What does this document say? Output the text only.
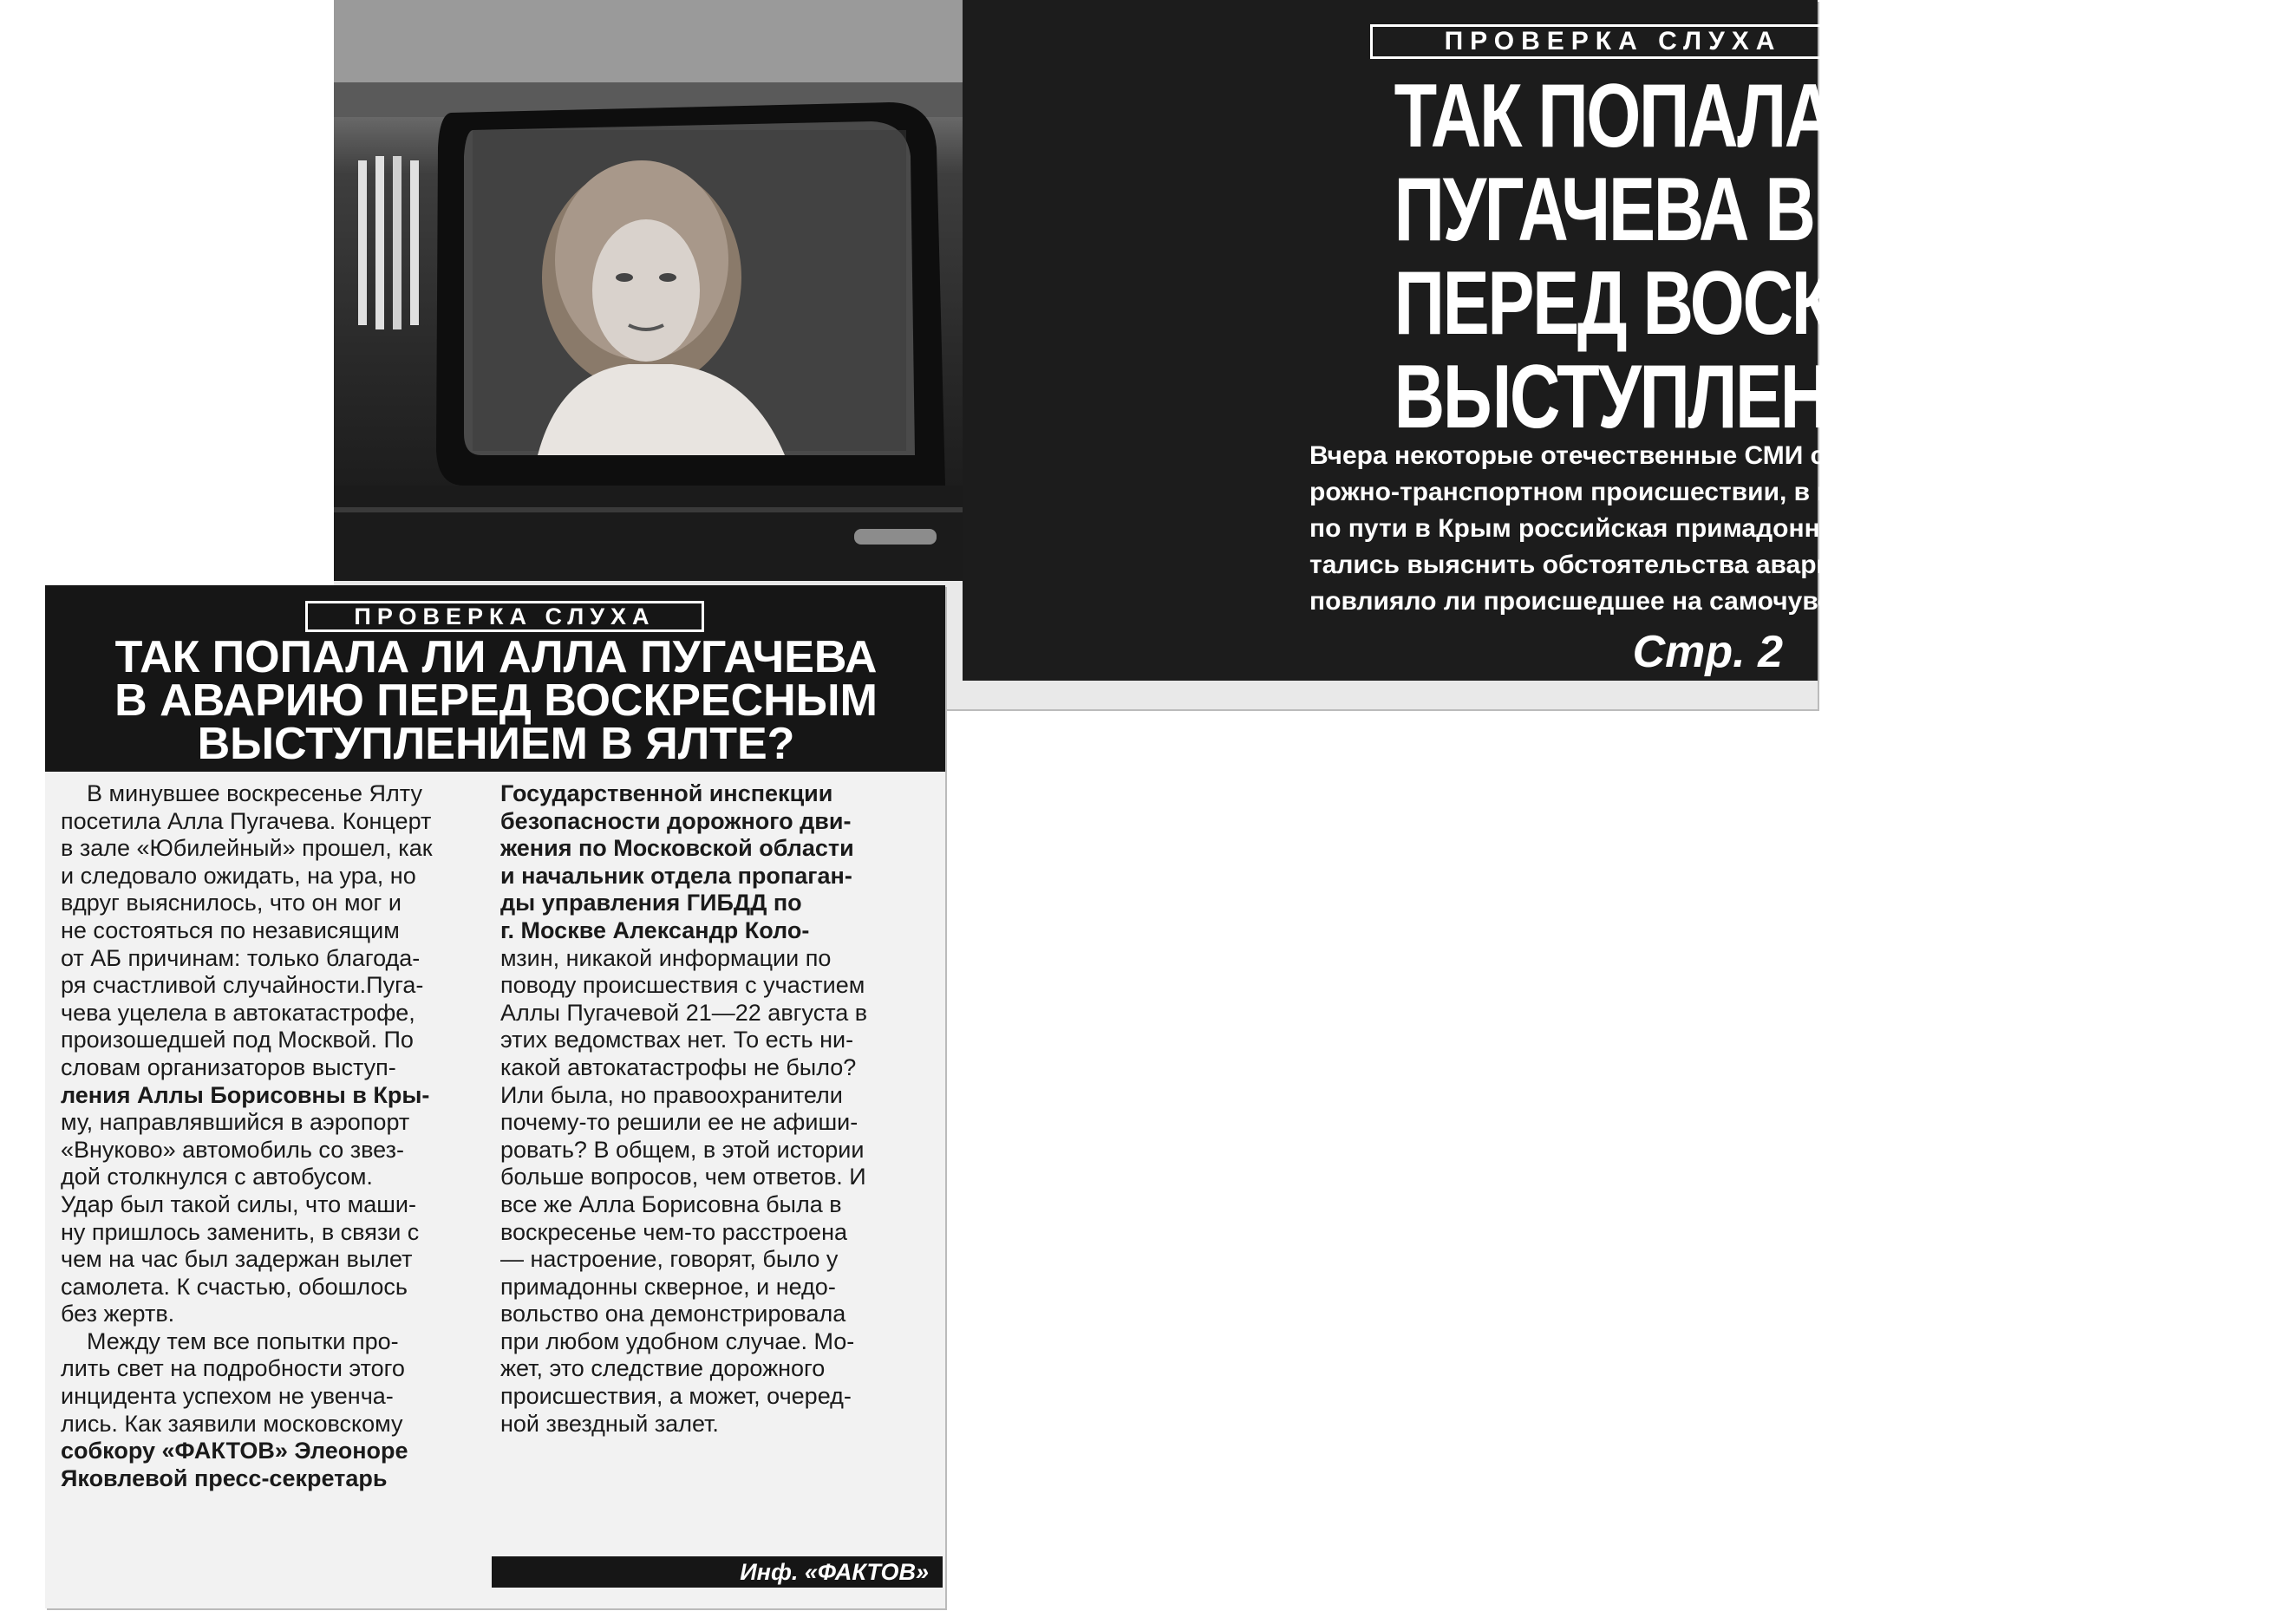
ПРОВЕРКА СЛУХА
ТАК ПОПАЛА ЛИ АЛЛА
ПУГАЧЕВА В АВАРИЮ
ПЕРЕД ВОСКРЕСНЫМ
ВЫСТУПЛЕНИЕМ В ЯЛТЕ?
Вчера некоторые отечественные СМИ сообщили о до-
рожно-транспортном происшествии, в которое угодила
по пути в Крым российская примадонна. «ФАКТЫ» попы-
тались выяснить обстоятельства аварии, а главное — не
повлияло ли происшедшее на самочувствие певицы.
Стр. 2
ПРОВЕРКА СЛУХА
ТАК ПОПАЛА ЛИ АЛЛА ПУГАЧЕВА
В АВАРИЮ ПЕРЕД ВОСКРЕСНЫМ
ВЫСТУПЛЕНИЕМ В ЯЛТЕ?
В минувшее воскресенье Ялту
посетила Алла Пугачева. Концерт
в зале «Юбилейный» прошел, как
и следовало ожидать, на ура, но
вдруг выяснилось, что он мог и
не состояться по независящим
от АБ причинам: только благода-
ря счастливой случайности.Пуга-
чева уцелела в автокатастрофе,
произошедшей под Москвой. По
словам организаторов выступ-
ления Аллы Борисовны в Кры-
му, направлявшийся в аэропорт
«Внуково» автомобиль со звез-
дой столкнулся с автобусом.
Удар был такой силы, что маши-
ну пришлось заменить, в связи с
чем на час был задержан вылет
самолета. К счастью, обошлось
без жертв.
Между тем все попытки про-
лить свет на подробности этого
инцидента успехом не увенча-
лись. Как заявили московскому
собкору «ФАКТОВ» Элеоноре
Яковлевой пресс-секретарь
Государственной инспекции
безопасности дорожного дви-
жения по Московской области
и начальник отдела пропаган-
ды управления ГИБДД по
г. Москве Александр Коло-
мзин, никакой информации по
поводу происшествия с участием
Аллы Пугачевой 21—22 августа в
этих ведомствах нет. То есть ни-
какой автокатастрофы не было?
Или была, но правоохранители
почему-то решили ее не афиши-
ровать? В общем, в этой истории
больше вопросов, чем ответов. И
все же Алла Борисовна была в
воскресенье чем-то расстроена
— настроение, говорят, было у
примадонны скверное, и недо-
вольство она демонстрировала
при любом удобном случае. Мо-
жет, это следствие дорожного
происшествия, а может, очеред-
ной звездный залет.
Инф. «ФАКТОВ»
